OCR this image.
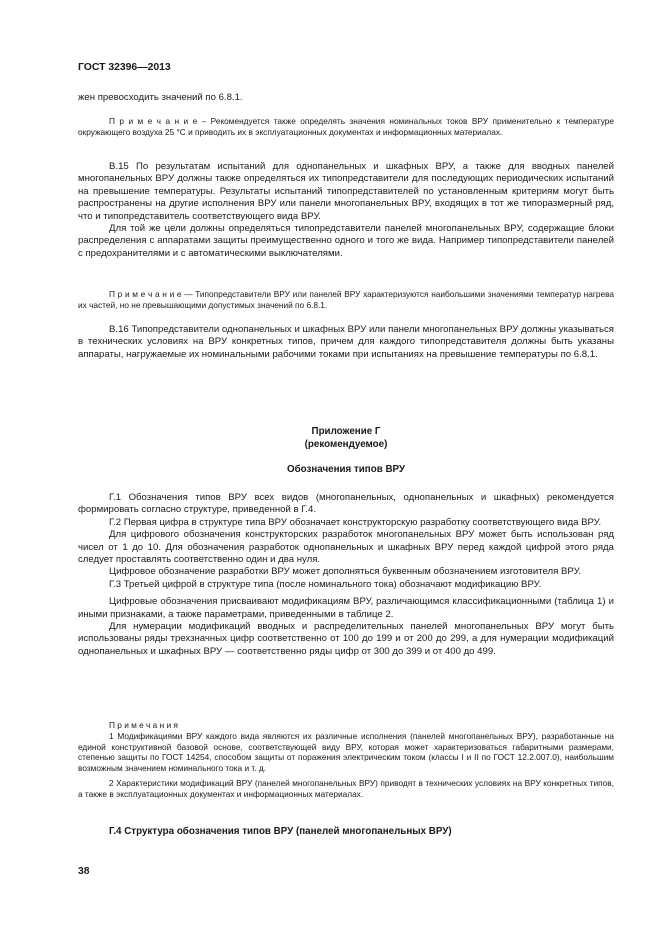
ГОСТ 32396—2013

жен превосходить значений по 6.8.1.

П р и м е ч а н и е – Рекомендуется также определять значения номинальных токов ВРУ применительно к температуре окружающего воздуха 25 °С и приводить их в эксплуатационных документах и информационных материалах.

В.15 По результатам испытаний для однопанельных и шкафных ВРУ, а также для вводных панелей многопанельных ВРУ должны также определяться их типопредставители для последующих периодических испытаний на превышение температуры. Результаты испытаний типопредставителей по установленным критериям могут быть распространены на другие исполнения ВРУ или панели многопанельных ВРУ, входящих в тот же типоразмерный ряд, что и типопредставитель соответствующего вида ВРУ.

Для той же цели должны определяться типопредставители панелей многопанельных ВРУ, содержащие блоки распределения с аппаратами защиты преимущественно одного и того же вида. Например типопредставители панелей с предохранителями и с автоматическими выключателями.

П р и м е ч а н и е — Типопредставители ВРУ или панелей ВРУ характеризуются наибольшими значениями температур нагрева их частей, но не превышающими допустимых значений по 6.8.1.

В.16 Типопредставители однопанельных и шкафных ВРУ или панели многопанельных ВРУ должны указываться в технических условиях на ВРУ конкретных типов, причем для каждого типопредставителя должны быть указаны аппараты, нагружаемые их номинальными рабочими токами при испытаниях на превышение температуры по 6.8.1.

Приложение Г

(рекомендуемое)

Обозначения типов ВРУ

Г.1 Обозначения типов ВРУ всех видов (многопанельных, однопанельных и шкафных) рекомендуется формировать согласно структуре, приведенной в Г.4.

Г.2 Первая цифра в структуре типа ВРУ обозначает конструкторскую разработку соответствующего вида ВРУ.

Для цифрового обозначения конструкторских разработок многопанельных ВРУ может быть использован ряд чисел от 1 до 10. Для обозначения разработок однопанельных и шкафных ВРУ перед каждой цифрой этого ряда следует проставлять соответственно один и два нуля.

Цифровое обозначение разработки ВРУ может дополняться буквенным обозначением изготовителя ВРУ.

Г.3 Третьей цифрой в структуре типа (после номинального тока) обозначают модификацию ВРУ.

Цифровые обозначения присваивают модификациям ВРУ, различающимся классификационными (таблица 1) и иными признаками, а также параметрами, приведенными в таблице 2.

Для нумерации модификаций вводных и распределительных панелей многопанельных ВРУ могут быть использованы ряды трехзначных цифр соответственно от 100 до 199 и от 200 до 299, а для нумерации модификаций однопанельных и шкафных ВРУ — соответственно ряды цифр от 300 до 399 и от 400 до 499.

П р и м е ч а н и я

1 Модификациями ВРУ каждого вида являются их различные исполнения (панелей многопанельных ВРУ), разработанные на единой конструктивной базовой основе, соответствующей виду ВРУ, которая может характеризоваться габаритными размерами, степенью защиты по ГОСТ 14254, способом защиты от поражения электрическим током (классы I и II по ГОСТ 12.2.007.0), наибольшим возможным значением номинального тока и т. д.

2 Характеристики модификаций ВРУ (панелей многопанельных ВРУ) приводят в технических условиях на ВРУ конкретных типов, а также в эксплуатационных документах и информационных материалах.

Г.4 Структура обозначения типов ВРУ (панелей многопанельных ВРУ)

38
